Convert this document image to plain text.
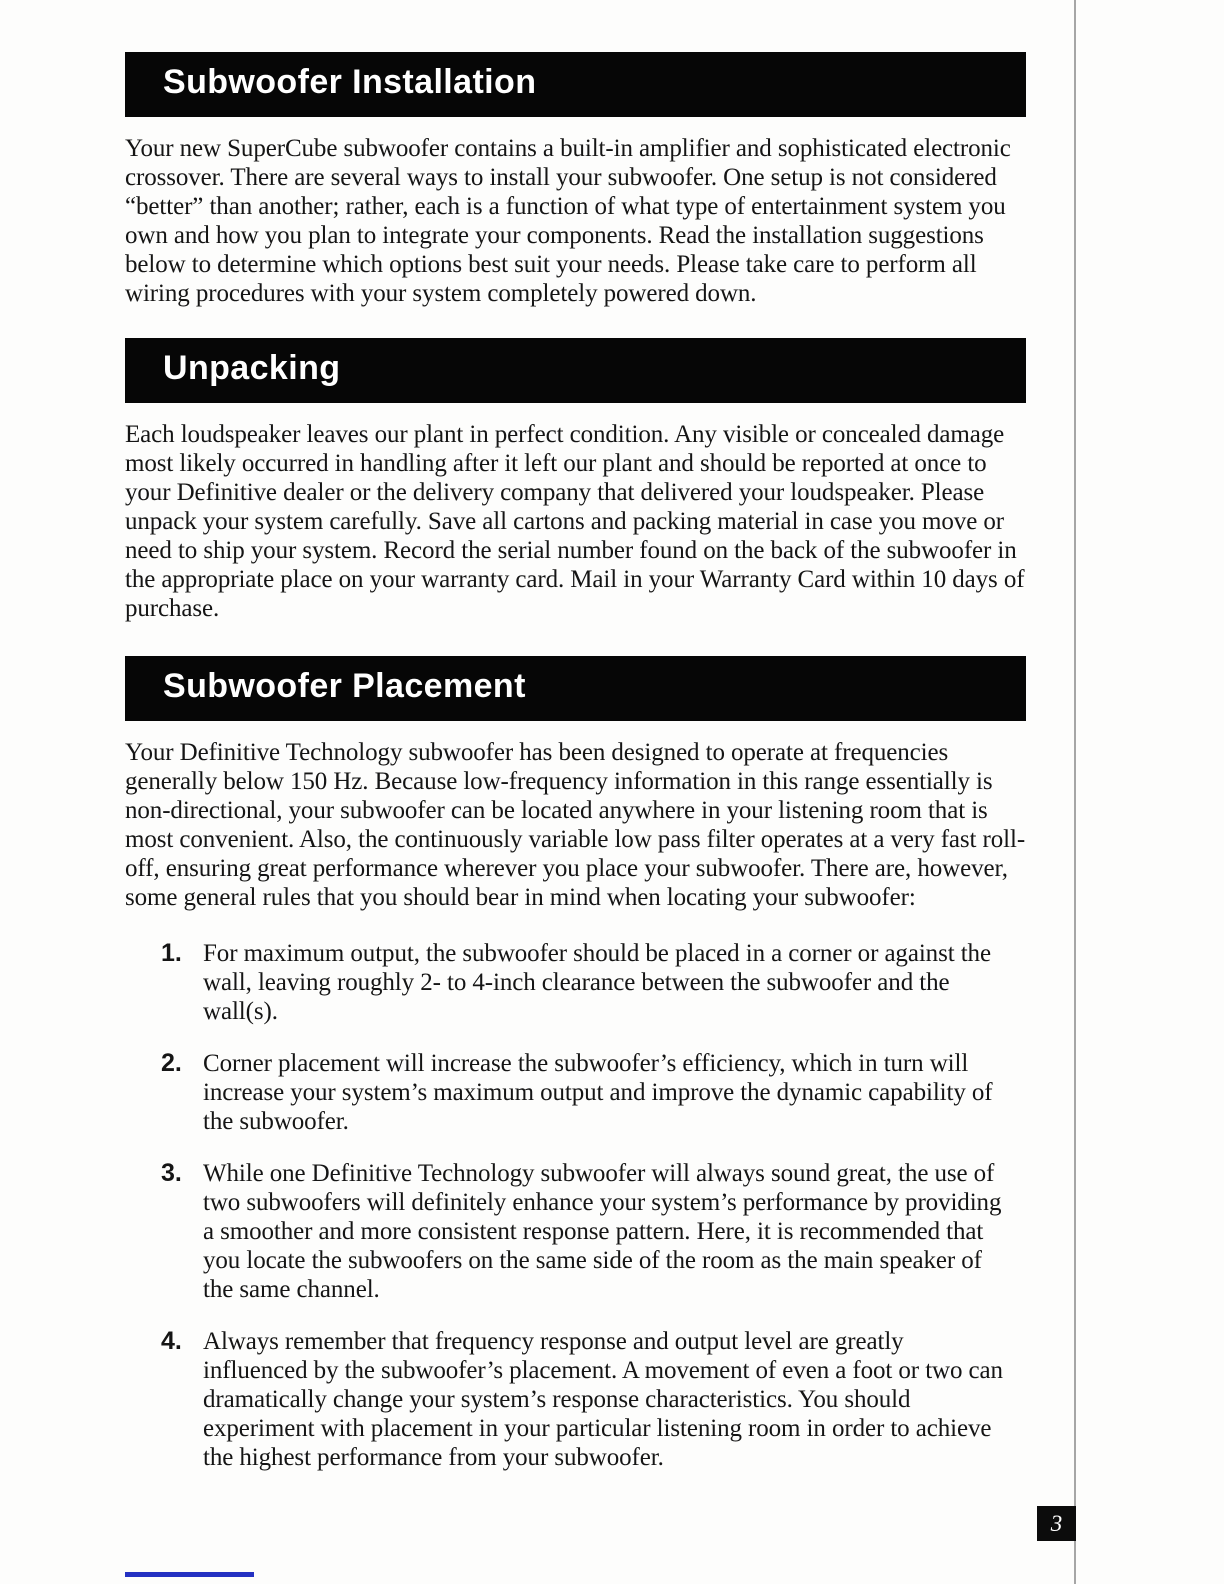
Subwoofer Installation

Your new SuperCube subwoofer contains a built-in amplifier and sophisticated electronic crossover. There are several ways to install your subwoofer. One setup is not considered “better” than another; rather, each is a function of what type of entertainment system you own and how you plan to integrate your components. Read the installation suggestions below to determine which options best suit your needs. Please take care to perform all wiring procedures with your system completely powered down.

Unpacking

Each loudspeaker leaves our plant in perfect condition. Any visible or concealed damage most likely occurred in handling after it left our plant and should be reported at once to your Definitive dealer or the delivery company that delivered your loudspeaker. Please unpack your system carefully. Save all cartons and packing material in case you move or need to ship your system. Record the serial number found on the back of the subwoofer in the appropriate place on your warranty card. Mail in your Warranty Card within 10 days of purchase.

Subwoofer Placement

Your Definitive Technology subwoofer has been designed to operate at frequencies generally below 150 Hz. Because low-frequency information in this range essentially is non-directional, your subwoofer can be located anywhere in your listening room that is most convenient. Also, the continuously variable low pass filter operates at a very fast roll-off, ensuring great performance wherever you place your subwoofer. There are, however, some general rules that you should bear in mind when locating your subwoofer:

1. For maximum output, the subwoofer should be placed in a corner or against the wall, leaving roughly 2- to 4-inch clearance between the subwoofer and the wall(s).
2. Corner placement will increase the subwoofer’s efficiency, which in turn will increase your system’s maximum output and improve the dynamic capability of the subwoofer.
3. While one Definitive Technology subwoofer will always sound great, the use of two subwoofers will definitely enhance your system’s performance by providing a smoother and more consistent response pattern. Here, it is recommended that you locate the subwoofers on the same side of the room as the main speaker of the same channel.
4. Always remember that frequency response and output level are greatly influenced by the subwoofer’s placement. A movement of even a foot or two can dramatically change your system’s response characteristics. You should experiment with placement in your particular listening room in order to achieve the highest performance from your subwoofer.
3
